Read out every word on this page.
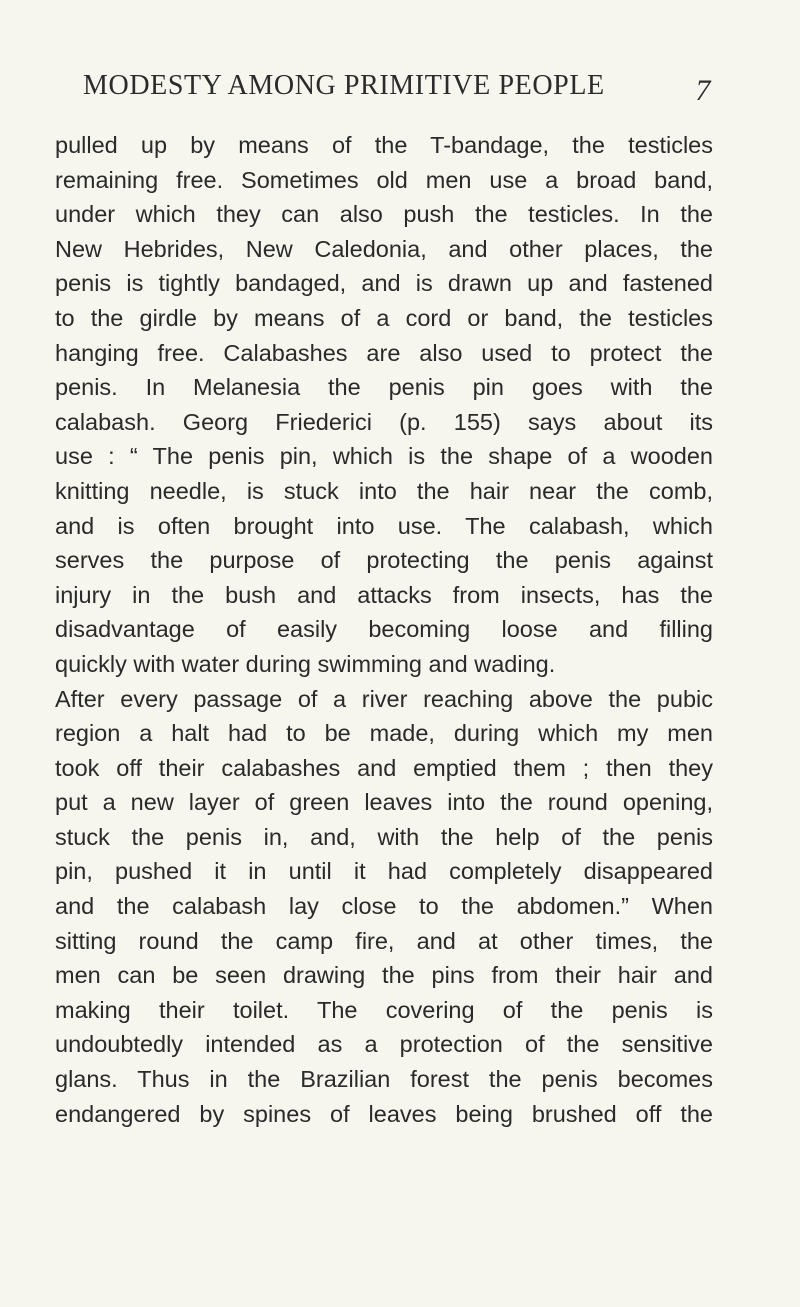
MODESTY AMONG PRIMITIVE PEOPLE	7
pulled up by means of the T-bandage, the testicles
remaining free. Sometimes old men use a broad band,
under which they can also push the testicles. In the
New Hebrides, New Caledonia, and other places, the
penis is tightly bandaged, and is drawn up and fastened
to the girdle by means of a cord or band, the testicles
hanging free. Calabashes are also used to protect the
penis. In Melanesia the penis pin goes with the
calabash. Georg Friederici (p. 155) says about its
use : “ The penis pin, which is the shape of a wooden
knitting needle, is stuck into the hair near the comb,
and is often brought into use. The calabash, which
serves the purpose of protecting the penis against
injury in the bush and attacks from insects, has the
disadvantage of easily becoming loose and filling
quickly with water during swimming and wading.
After every passage of a river reaching above the pubic
region a halt had to be made, during which my men
took off their calabashes and emptied them ; then they
put a new layer of green leaves into the round opening,
stuck the penis in, and, with the help of the penis
pin, pushed it in until it had completely disappeared
and the calabash lay close to the abdomen.” When
sitting round the camp fire, and at other times, the
men can be seen drawing the pins from their hair and
making their toilet. The covering of the penis is
undoubtedly intended as a protection of the sensitive
glans. Thus in the Brazilian forest the penis becomes
endangered by spines of leaves being brushed off the
